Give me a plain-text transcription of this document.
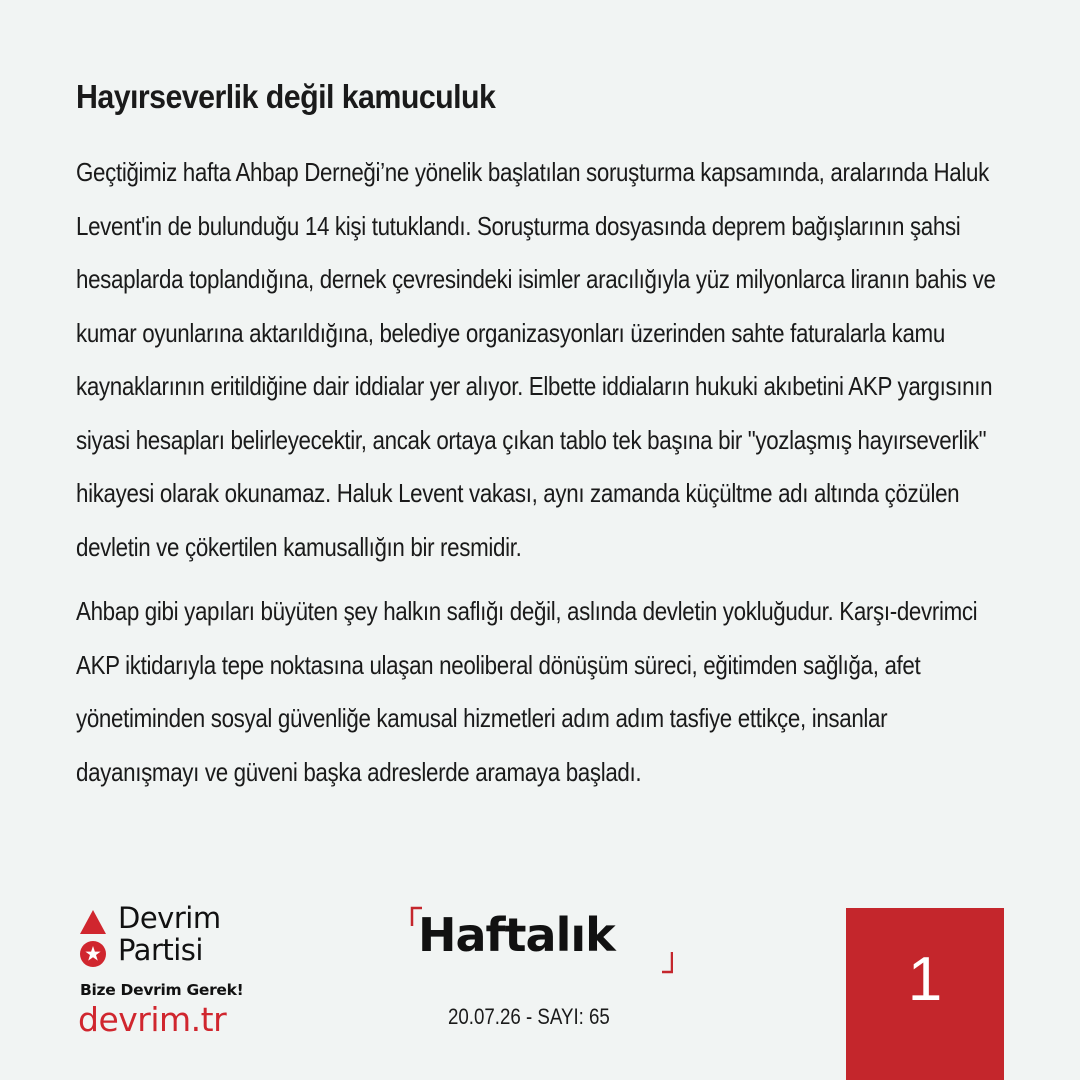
Hayırseverlik değil kamuculuk

Geçtiğimiz hafta Ahbap Derneği’ne yönelik başlatılan soruşturma kapsamında, aralarında Haluk Levent'in de bulunduğu 14 kişi tutuklandı. Soruşturma dosyasında deprem bağışlarının şahsi hesaplarda toplandığına, dernek çevresindeki isimler aracılığıyla yüz milyonlarca liranın bahis ve kumar oyunlarına aktarıldığına, belediye organizasyonları üzerinden sahte faturalarla kamu kaynaklarının eritildiğine dair iddialar yer alıyor. Elbette iddiaların hukuki akıbetini AKP yargısının siyasi hesapları belirleyecektir, ancak ortaya çıkan tablo tek başına bir "yozlaşmış hayırseverlik" hikayesi olarak okunamaz. Haluk Levent vakası, aynı zamanda küçültme adı altında çözülen devletin ve çökertilen kamusallığın bir resmidir.

Ahbap gibi yapıları büyüten şey halkın saflığı değil, aslında devletin yokluğudur. Karşı-devrimci AKP iktidarıyla tepe noktasına ulaşan neoliberal dönüşüm süreci, eğitimden sağlığa, afet yönetiminden sosyal güvenliğe kamusal hizmetleri adım adım tasfiye ettikçe, insanlar dayanışmayı ve güveni başka adreslerde aramaya başladı.

Devrim
Partisi
Bize Devrim Gerek!
devrim.tr
Haftalık
20.07.26 - SAYI: 65
1
